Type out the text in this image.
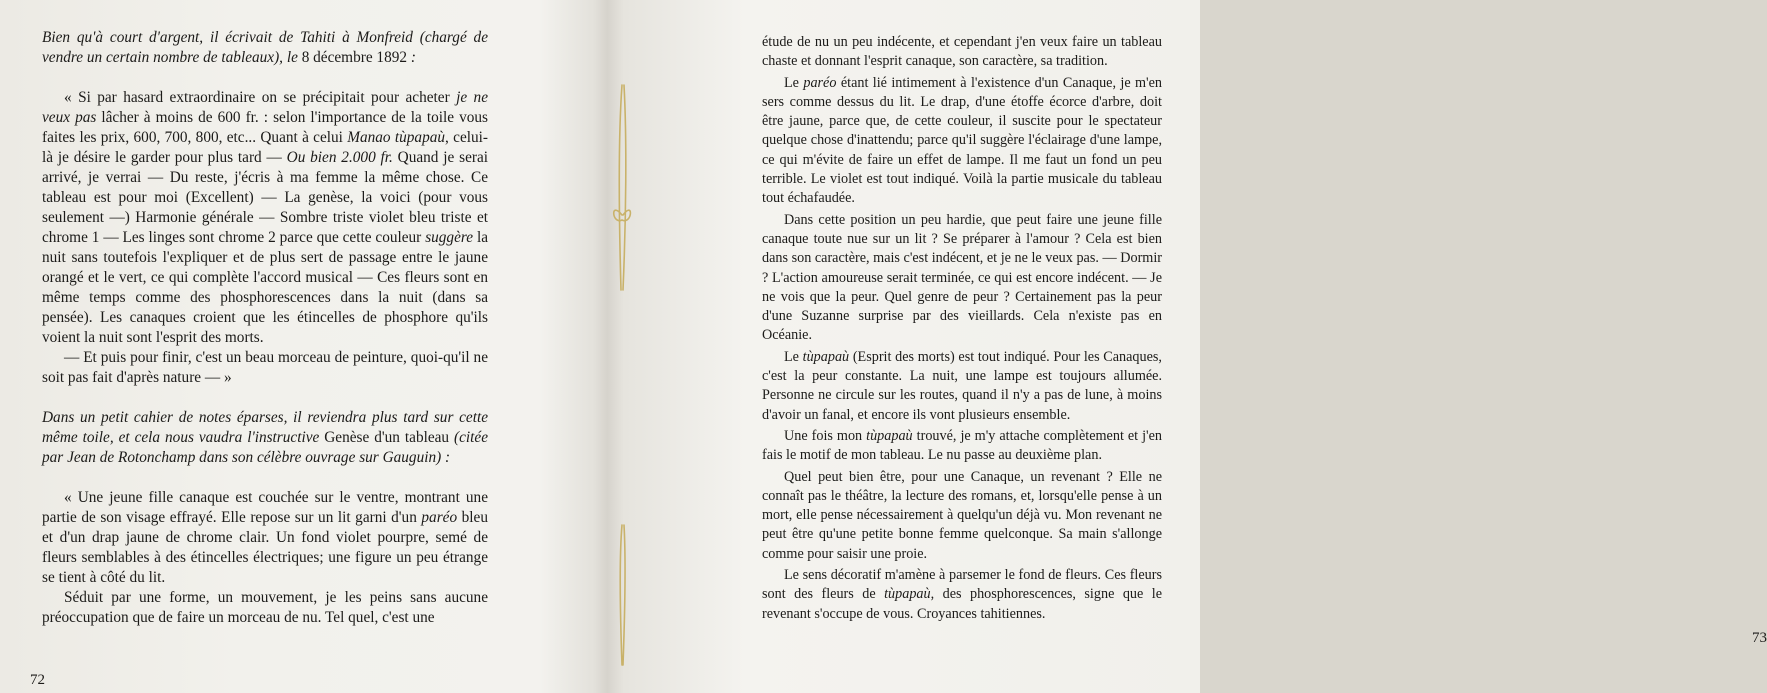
Bien qu'à court d'argent, il écrivait de Tahiti à Monfreid (chargé de vendre un certain nombre de tableaux), le 8 décembre 1892 :

« Si par hasard extraordinaire on se précipitait pour acheter je ne veux pas lâcher à moins de 600 fr. : selon l'importance de la toile vous faites les prix, 600, 700, 800, etc... Quant à celui Manao tùpapaù, celui-là je désire le garder pour plus tard — Ou bien 2.000 fr. Quand je serai arrivé, je verrai — Du reste, j'écris à ma femme la même chose. Ce tableau est pour moi (Excellent) — La genèse, la voici (pour vous seulement —) Harmonie générale — Sombre triste violet bleu triste et chrome 1 — Les linges sont chrome 2 parce que cette couleur suggère la nuit sans toutefois l'expliquer et de plus sert de passage entre le jaune orangé et le vert, ce qui complète l'accord musical — Ces fleurs sont en même temps comme des phosphorescences dans la nuit (dans sa pensée). Les canaques croient que les étincelles de phosphore qu'ils voient la nuit sont l'esprit des morts.

— Et puis pour finir, c'est un beau morceau de peinture, quoi-qu'il ne soit pas fait d'après nature — »

Dans un petit cahier de notes éparses, il reviendra plus tard sur cette même toile, et cela nous vaudra l'instructive Genèse d'un tableau (citée par Jean de Rotonchamp dans son célèbre ouvrage sur Gauguin) :

« Une jeune fille canaque est couchée sur le ventre, montrant une partie de son visage effrayé. Elle repose sur un lit garni d'un paréo bleu et d'un drap jaune de chrome clair. Un fond violet pourpre, semé de fleurs semblables à des étincelles électriques; une figure un peu étrange se tient à côté du lit.

Séduit par une forme, un mouvement, je les peins sans aucune préoccupation que de faire un morceau de nu. Tel quel, c'est une

72

étude de nu un peu indécente, et cependant j'en veux faire un tableau chaste et donnant l'esprit canaque, son caractère, sa tradition.

Le paréo étant lié intimement à l'existence d'un Canaque, je m'en sers comme dessus du lit. Le drap, d'une étoffe écorce d'arbre, doit être jaune, parce que, de cette couleur, il suscite pour le spectateur quelque chose d'inattendu; parce qu'il suggère l'éclairage d'une lampe, ce qui m'évite de faire un effet de lampe. Il me faut un fond un peu terrible. Le violet est tout indiqué. Voilà la partie musicale du tableau tout échafaudée.

Dans cette position un peu hardie, que peut faire une jeune fille canaque toute nue sur un lit ? Se préparer à l'amour ? Cela est bien dans son caractère, mais c'est indécent, et je ne le veux pas. — Dormir ? L'action amoureuse serait terminée, ce qui est encore indécent. — Je ne vois que la peur. Quel genre de peur ? Certainement pas la peur d'une Suzanne surprise par des vieillards. Cela n'existe pas en Océanie.

Le tùpapaù (Esprit des morts) est tout indiqué. Pour les Canaques, c'est la peur constante. La nuit, une lampe est toujours allumée. Personne ne circule sur les routes, quand il n'y a pas de lune, à moins d'avoir un fanal, et encore ils vont plusieurs ensemble.

Une fois mon tùpapaù trouvé, je m'y attache complètement et j'en fais le motif de mon tableau. Le nu passe au deuxième plan.

Quel peut bien être, pour une Canaque, un revenant ? Elle ne connaît pas le théâtre, la lecture des romans, et, lorsqu'elle pense à un mort, elle pense nécessairement à quelqu'un déjà vu. Mon revenant ne peut être qu'une petite bonne femme quelconque. Sa main s'allonge comme pour saisir une proie.

Le sens décoratif m'amène à parsemer le fond de fleurs. Ces fleurs sont des fleurs de tùpapaù, des phosphorescences, signe que le revenant s'occupe de vous. Croyances tahitiennes.

73
